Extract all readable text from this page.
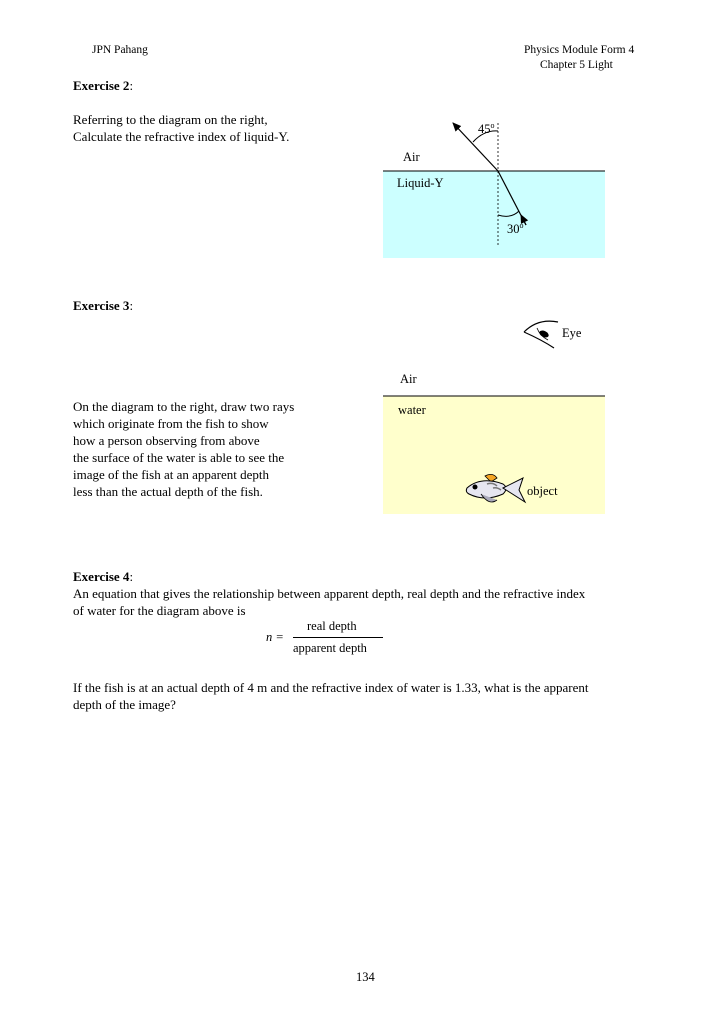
JPN Pahang	Physics Module Form 4
Chapter 5 Light
Exercise 2:
Referring to the diagram on the right,
Calculate the refractive index of liquid-Y.	45$^o$
30$^o$
Air
Liquid-Y
Exercise 3:
On the diagram to the right, draw two rays
which originate from the fish to show
how a person observing from above
the surface of the water is able to see the
image of the fish at an apparent depth
less than the actual depth of the fish.
Eye
Air
water
object
Exercise 4:
An equation that gives the relationship between apparent depth, real depth and the refractive index
of water for the diagram above is
n =
real depth
apparent depth
If the fish is at an actual depth of 4 m and the refractive index of water is 1.33, what is the apparent
depth of the image?
134
